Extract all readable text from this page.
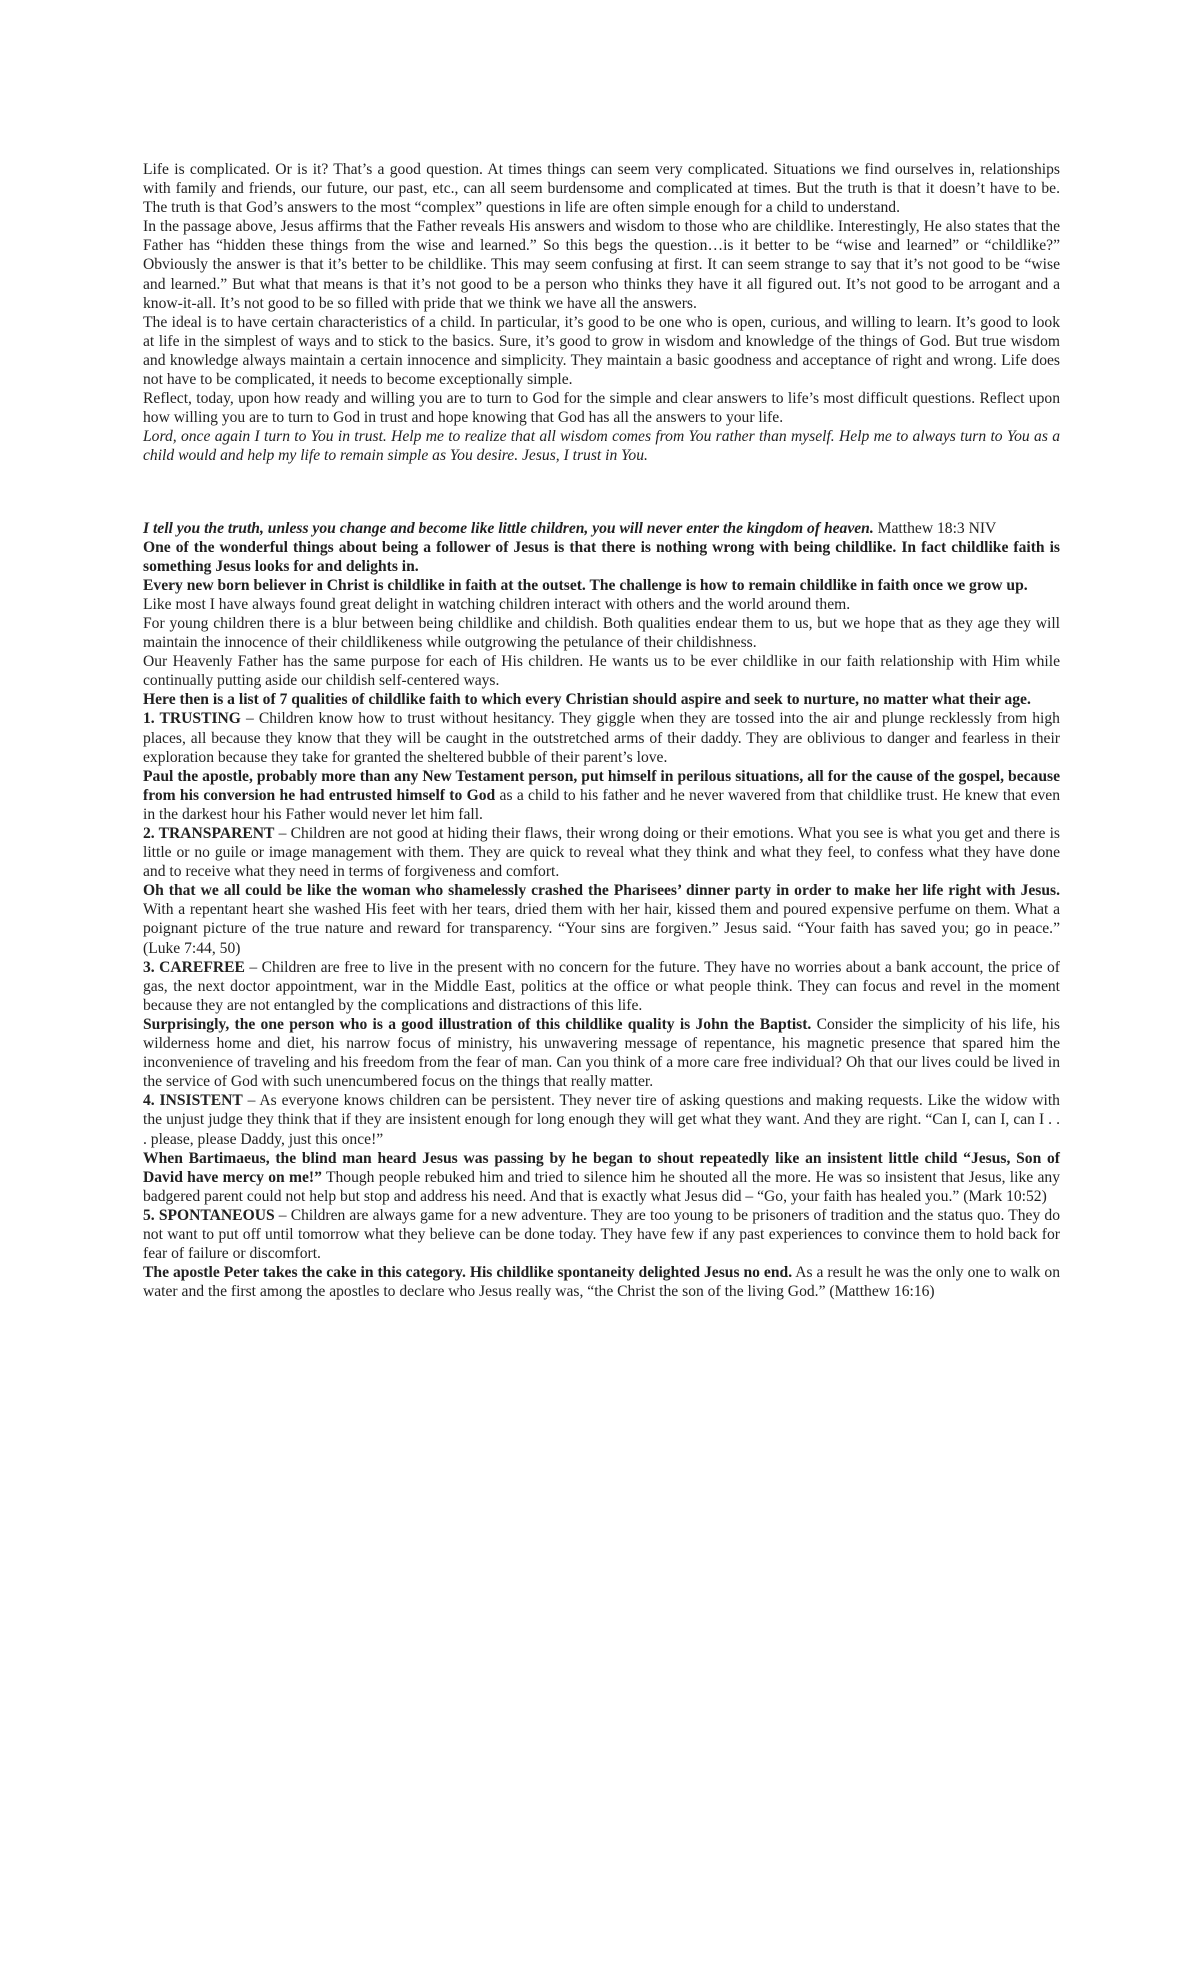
Life is complicated. Or is it? That’s a good question. At times things can seem very complicated. Situations we find ourselves in, relationships with family and friends, our future, our past, etc., can all seem burdensome and complicated at times. But the truth is that it doesn’t have to be. The truth is that God’s answers to the most “complex” questions in life are often simple enough for a child to understand.

In the passage above, Jesus affirms that the Father reveals His answers and wisdom to those who are childlike. Interestingly, He also states that the Father has “hidden these things from the wise and learned.” So this begs the question…is it better to be “wise and learned” or “childlike?” Obviously the answer is that it’s better to be childlike. This may seem confusing at first. It can seem strange to say that it’s not good to be “wise and learned.” But what that means is that it’s not good to be a person who thinks they have it all figured out. It’s not good to be arrogant and a know-it-all. It’s not good to be so filled with pride that we think we have all the answers.

The ideal is to have certain characteristics of a child. In particular, it’s good to be one who is open, curious, and willing to learn. It’s good to look at life in the simplest of ways and to stick to the basics. Sure, it’s good to grow in wisdom and knowledge of the things of God. But true wisdom and knowledge always maintain a certain innocence and simplicity. They maintain a basic goodness and acceptance of right and wrong. Life does not have to be complicated, it needs to become exceptionally simple.

Reflect, today, upon how ready and willing you are to turn to God for the simple and clear answers to life’s most difficult questions. Reflect upon how willing you are to turn to God in trust and hope knowing that God has all the answers to your life.

Lord, once again I turn to You in trust. Help me to realize that all wisdom comes from You rather than myself. Help me to always turn to You as a child would and help my life to remain simple as You desire. Jesus, I trust in You.

I tell you the truth, unless you change and become like little children, you will never enter the kingdom of heaven. Matthew 18:3 NIV

One of the wonderful things about being a follower of Jesus is that there is nothing wrong with being childlike. In fact childlike faith is something Jesus looks for and delights in.

Every new born believer in Christ is childlike in faith at the outset. The challenge is how to remain childlike in faith once we grow up.

Like most I have always found great delight in watching children interact with others and the world around them.

For young children there is a blur between being childlike and childish. Both qualities endear them to us, but we hope that as they age they will maintain the innocence of their childlikeness while outgrowing the petulance of their childishness.

Our Heavenly Father has the same purpose for each of His children. He wants us to be ever childlike in our faith relationship with Him while continually putting aside our childish self-centered ways.

Here then is a list of 7 qualities of childlike faith to which every Christian should aspire and seek to nurture, no matter what their age.

1. TRUSTING – Children know how to trust without hesitancy. They giggle when they are tossed into the air and plunge recklessly from high places, all because they know that they will be caught in the outstretched arms of their daddy. They are oblivious to danger and fearless in their exploration because they take for granted the sheltered bubble of their parent’s love.

Paul the apostle, probably more than any New Testament person, put himself in perilous situations, all for the cause of the gospel, because from his conversion he had entrusted himself to God as a child to his father and he never wavered from that childlike trust. He knew that even in the darkest hour his Father would never let him fall.

2. TRANSPARENT – Children are not good at hiding their flaws, their wrong doing or their emotions. What you see is what you get and there is little or no guile or image management with them. They are quick to reveal what they think and what they feel, to confess what they have done and to receive what they need in terms of forgiveness and comfort.

Oh that we all could be like the woman who shamelessly crashed the Pharisees’ dinner party in order to make her life right with Jesus. With a repentant heart she washed His feet with her tears, dried them with her hair, kissed them and poured expensive perfume on them. What a poignant picture of the true nature and reward for transparency. “Your sins are forgiven.” Jesus said. “Your faith has saved you; go in peace.” (Luke 7:44, 50)

3. CAREFREE – Children are free to live in the present with no concern for the future. They have no worries about a bank account, the price of gas, the next doctor appointment, war in the Middle East, politics at the office or what people think. They can focus and revel in the moment because they are not entangled by the complications and distractions of this life.

Surprisingly, the one person who is a good illustration of this childlike quality is John the Baptist. Consider the simplicity of his life, his wilderness home and diet, his narrow focus of ministry, his unwavering message of repentance, his magnetic presence that spared him the inconvenience of traveling and his freedom from the fear of man. Can you think of a more care free individual? Oh that our lives could be lived in the service of God with such unencumbered focus on the things that really matter.

4. INSISTENT – As everyone knows children can be persistent. They never tire of asking questions and making requests. Like the widow with the unjust judge they think that if they are insistent enough for long enough they will get what they want. And they are right. “Can I, can I, can I . . . please, please Daddy, just this once!”

When Bartimaeus, the blind man heard Jesus was passing by he began to shout repeatedly like an insistent little child “Jesus, Son of David have mercy on me!” Though people rebuked him and tried to silence him he shouted all the more. He was so insistent that Jesus, like any badgered parent could not help but stop and address his need. And that is exactly what Jesus did – “Go, your faith has healed you.” (Mark 10:52)

5. SPONTANEOUS – Children are always game for a new adventure. They are too young to be prisoners of tradition and the status quo. They do not want to put off until tomorrow what they believe can be done today. They have few if any past experiences to convince them to hold back for fear of failure or discomfort.

The apostle Peter takes the cake in this category. His childlike spontaneity delighted Jesus no end. As a result he was the only one to walk on water and the first among the apostles to declare who Jesus really was, “the Christ the son of the living God.” (Matthew 16:16)
